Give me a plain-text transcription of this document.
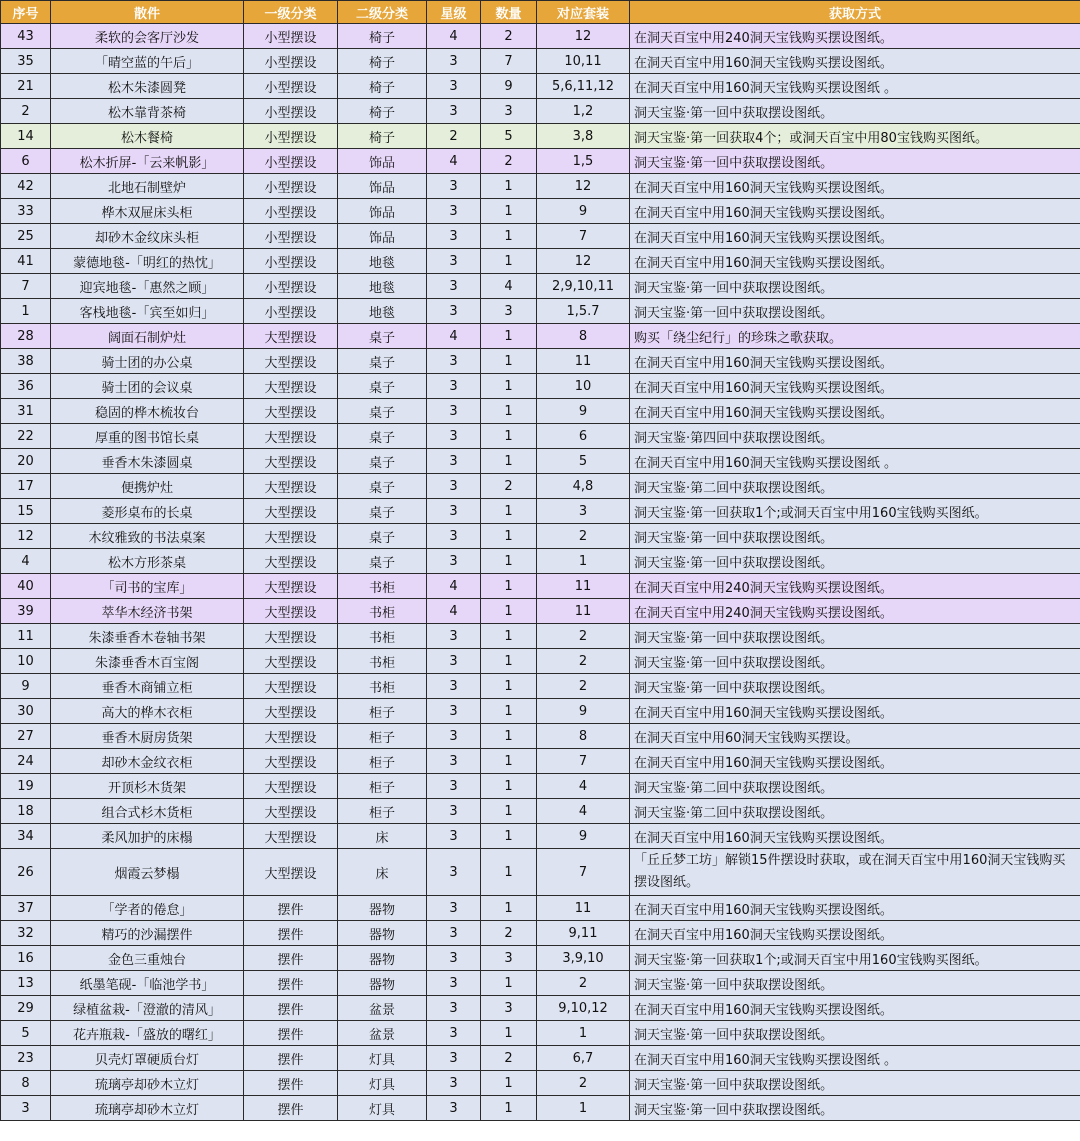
序号	散件	一级分类	二级分类	星级	数量	对应套装	获取方式
43	柔软的会客厅沙发	小型摆设	椅子	4	2	12	在洞天百宝中用240洞天宝钱购买摆设图纸。
35	「晴空蓝的午后」	小型摆设	椅子	3	7	10,11	在洞天百宝中用160洞天宝钱购买摆设图纸。
21	松木朱漆圆凳	小型摆设	椅子	3	9	5,6,11,12	在洞天百宝中用160洞天宝钱购买摆设图纸 。
2	松木靠背茶椅	小型摆设	椅子	3	3	1,2	洞天宝鉴·第一回中获取摆设图纸。
14	松木餐椅	小型摆设	椅子	2	5	3,8	洞天宝鉴·第一回获取4个；或洞天百宝中用80宝钱购买图纸。
6	松木折屏-「云来帆影」	小型摆设	饰品	4	2	1,5	洞天宝鉴·第一回中获取摆设图纸。
42	北地石制壁炉	小型摆设	饰品	3	1	12	在洞天百宝中用160洞天宝钱购买摆设图纸。
33	桦木双屉床头柜	小型摆设	饰品	3	1	9	在洞天百宝中用160洞天宝钱购买摆设图纸。
25	却砂木金纹床头柜	小型摆设	饰品	3	1	7	在洞天百宝中用160洞天宝钱购买摆设图纸。
41	蒙德地毯-「明红的热忱」	小型摆设	地毯	3	1	12	在洞天百宝中用160洞天宝钱购买摆设图纸。
7	迎宾地毯-「惠然之顾」	小型摆设	地毯	3	4	2,9,10,11	洞天宝鉴·第一回中获取摆设图纸。
1	客栈地毯-「宾至如归」	小型摆设	地毯	3	3	1,5.7	洞天宝鉴·第一回中获取摆设图纸。
28	阔面石制炉灶	大型摆设	桌子	4	1	8	购买「绕尘纪行」的珍珠之歌获取。
38	骑士团的办公桌	大型摆设	桌子	3	1	11	在洞天百宝中用160洞天宝钱购买摆设图纸。
36	骑士团的会议桌	大型摆设	桌子	3	1	10	在洞天百宝中用160洞天宝钱购买摆设图纸。
31	稳固的桦木梳妆台	大型摆设	桌子	3	1	9	在洞天百宝中用160洞天宝钱购买摆设图纸。
22	厚重的图书馆长桌	大型摆设	桌子	3	1	6	洞天宝鉴·第四回中获取摆设图纸。
20	垂香木朱漆圆桌	大型摆设	桌子	3	1	5	在洞天百宝中用160洞天宝钱购买摆设图纸 。
17	便携炉灶	大型摆设	桌子	3	2	4,8	洞天宝鉴·第二回中获取摆设图纸。
15	菱形桌布的长桌	大型摆设	桌子	3	1	3	洞天宝鉴·第一回获取1个;或洞天百宝中用160宝钱购买图纸。
12	木纹雅致的书法桌案	大型摆设	桌子	3	1	2	洞天宝鉴·第一回中获取摆设图纸。
4	松木方形茶桌	大型摆设	桌子	3	1	1	洞天宝鉴·第一回中获取摆设图纸。
40	「司书的宝库」	大型摆设	书柜	4	1	11	在洞天百宝中用240洞天宝钱购买摆设图纸。
39	萃华木经济书架	大型摆设	书柜	4	1	11	在洞天百宝中用240洞天宝钱购买摆设图纸。
11	朱漆垂香木卷轴书架	大型摆设	书柜	3	1	2	洞天宝鉴·第一回中获取摆设图纸。
10	朱漆垂香木百宝阁	大型摆设	书柜	3	1	2	洞天宝鉴·第一回中获取摆设图纸。
9	垂香木商铺立柜	大型摆设	书柜	3	1	2	洞天宝鉴·第一回中获取摆设图纸。
30	高大的桦木衣柜	大型摆设	柜子	3	1	9	在洞天百宝中用160洞天宝钱购买摆设图纸。
27	垂香木厨房货架	大型摆设	柜子	3	1	8	在洞天百宝中用60洞天宝钱购买摆设。
24	却砂木金纹衣柜	大型摆设	柜子	3	1	7	在洞天百宝中用160洞天宝钱购买摆设图纸。
19	开顶杉木货架	大型摆设	柜子	3	1	4	洞天宝鉴·第二回中获取摆设图纸。
18	组合式杉木货柜	大型摆设	柜子	3	1	4	洞天宝鉴·第二回中获取摆设图纸。
34	柔风加护的床榻	大型摆设	床	3	1	9	在洞天百宝中用160洞天宝钱购买摆设图纸。
26	烟霞云梦榻	大型摆设	床	3	1	7	「丘丘梦工坊」解锁15件摆设时获取，或在洞天百宝中用160洞天宝钱购买摆设图纸。
37	「学者的倦怠」	摆件	器物	3	1	11	在洞天百宝中用160洞天宝钱购买摆设图纸。
32	精巧的沙漏摆件	摆件	器物	3	2	9,11	在洞天百宝中用160洞天宝钱购买摆设图纸。
16	金色三重烛台	摆件	器物	3	3	3,9,10	洞天宝鉴·第一回获取1个;或洞天百宝中用160宝钱购买图纸。
13	纸墨笔砚-「临池学书」	摆件	器物	3	1	2	洞天宝鉴·第一回中获取摆设图纸。
29	绿植盆栽-「澄澈的清风」	摆件	盆景	3	3	9,10,12	在洞天百宝中用160洞天宝钱购买摆设图纸。
5	花卉瓶栽-「盛放的曙红」	摆件	盆景	3	1	1	洞天宝鉴·第一回中获取摆设图纸。
23	贝壳灯罩硬质台灯	摆件	灯具	3	2	6,7	在洞天百宝中用160洞天宝钱购买摆设图纸 。
8	琉璃亭却砂木立灯	摆件	灯具	3	1	2	洞天宝鉴·第一回中获取摆设图纸。
3	琉璃亭却砂木立灯	摆件	灯具	3	1	1	洞天宝鉴·第一回中获取摆设图纸。
